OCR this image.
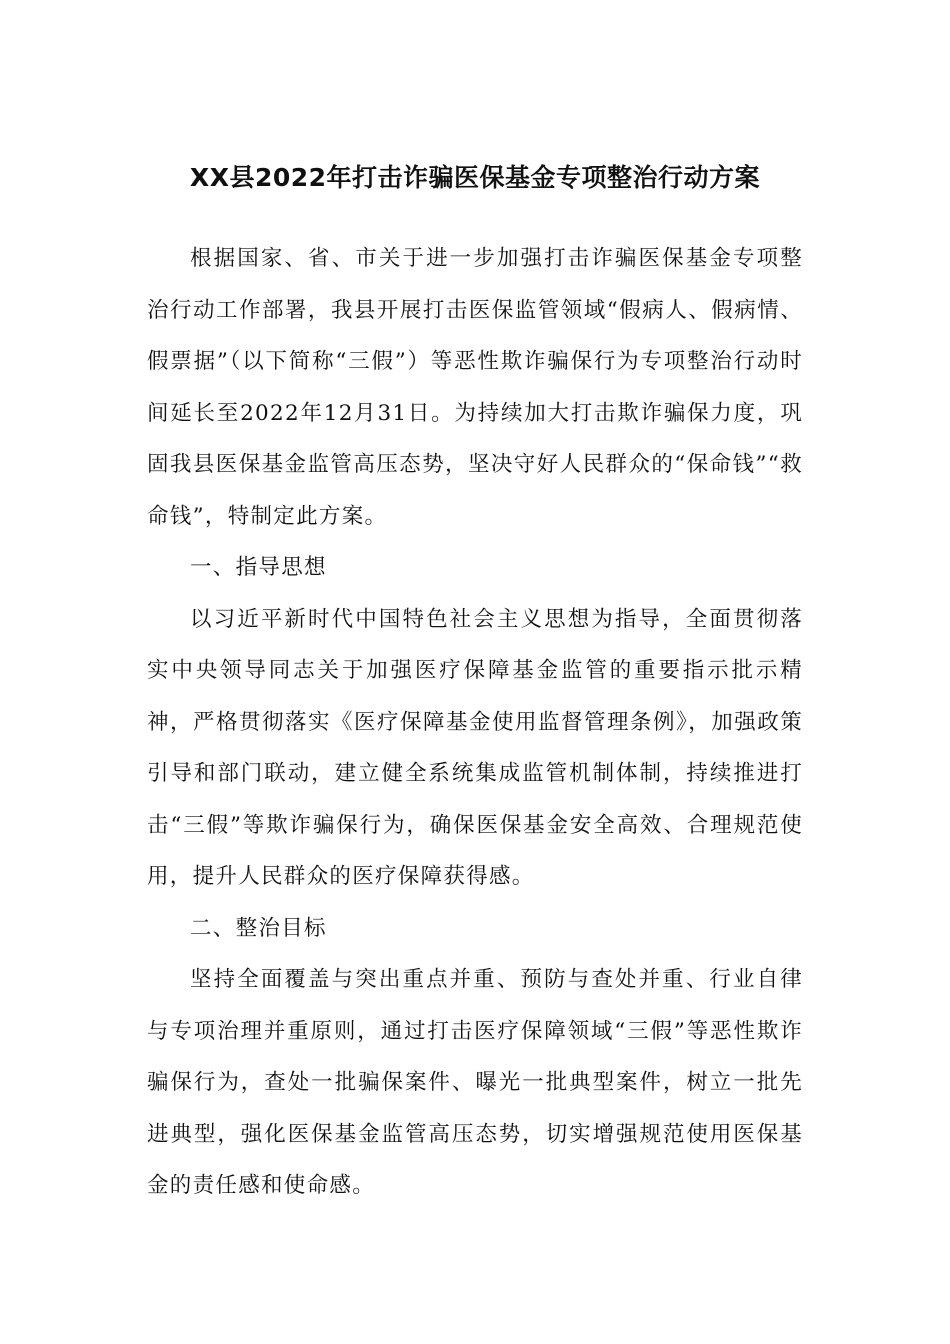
XX县2022年打击诈骗医保基金专项整治行动方案

根据国家、省、市关于进一步加强打击诈骗医保基金专项整治行动工作部署，我县开展打击医保监管领域“假病人、假病情、假票据”（以下简称“三假”）等恶性欺诈骗保行为专项整治行动时间延长至2022年12月31日。为持续加大打击欺诈骗保力度，巩固我县医保基金监管高压态势，坚决守好人民群众的“保命钱”“救命钱”，特制定此方案。

一、指导思想

以习近平新时代中国特色社会主义思想为指导，全面贯彻落实中央领导同志关于加强医疗保障基金监管的重要指示批示精神，严格贯彻落实《医疗保障基金使用监督管理条例》，加强政策引导和部门联动，建立健全系统集成监管机制体制，持续推进打击“三假”等欺诈骗保行为，确保医保基金安全高效、合理规范使用，提升人民群众的医疗保障获得感。

二、整治目标

坚持全面覆盖与突出重点并重、预防与查处并重、行业自律与专项治理并重原则，通过打击医疗保障领域“三假”等恶性欺诈骗保行为，查处一批骗保案件、曝光一批典型案件，树立一批先进典型，强化医保基金监管高压态势，切实增强规范使用医保基金的责任感和使命感。
